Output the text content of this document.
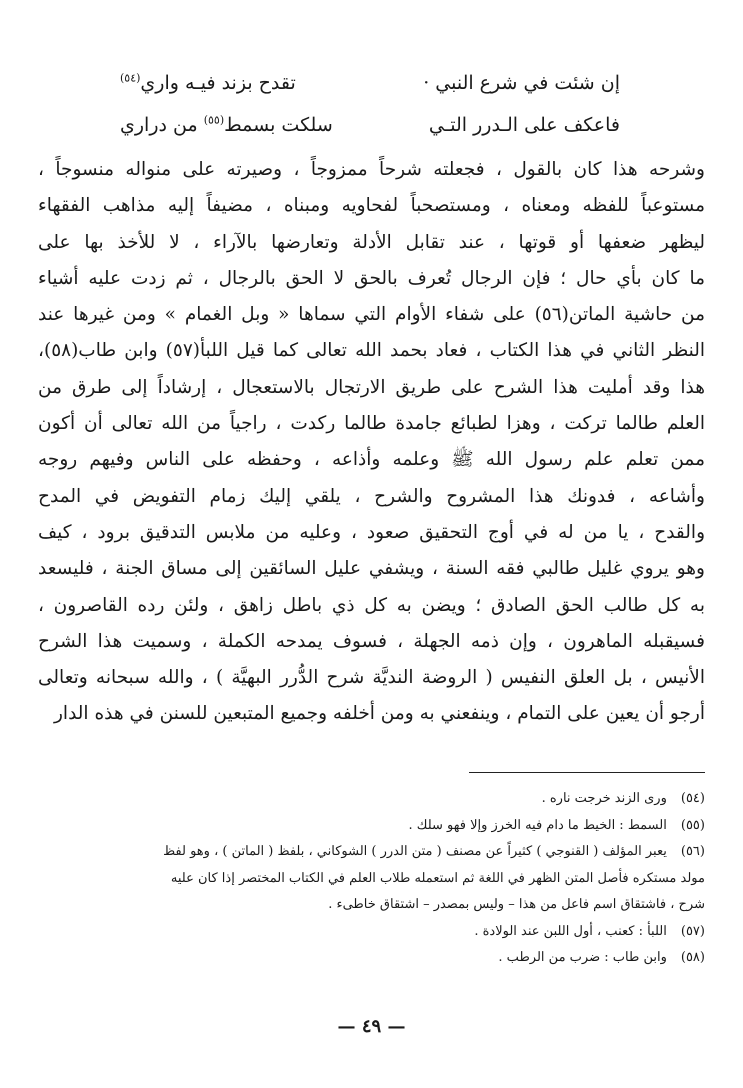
إن شئت في شرع النبي ·
تقدح بزند فيـه واري$^{(٥٤)}$
فاعكف على الـدرر التـي
سلكت بسمط$^{(٥٥)}$ من دراري
وشرحه هذا كان بالقول ، فجعلته شرحاً ممزوجاً ، وصيرته على منواله منسوجاً ،
مستوعباً للفظه ومعناه ، ومستصحباً لفحاويه ومبناه ، مضيفاً إليه مذاهب الفقهاء
ليظهر ضعفها أو قوتها ، عند تقابل الأدلة وتعارضها بالآراء ، لا للأخذ بها على
ما كان بأي حال ؛ فإن الرجال تُعرف بالحق لا الحق بالرجال ، ثم زدت عليه أشياء
من حاشية الماتن(٥٦) على شفاء الأوام التي سماها « وبل الغمام » ومن غيرها عند
النظر الثاني في هذا الكتاب ، فعاد بحمد الله تعالى كما قيل اللبأ(٥٧) وابن طاب(٥٨)،
هذا وقد أمليت هذا الشرح على طريق الارتجال بالاستعجال ، إرشاداً إلى طرق من
العلم طالما تركت ، وهزا لطبائع جامدة طالما ركدت ، راجياً من الله تعالى أن أكون
ممن تعلم علم رسول الله ﷺ وعلمه وأذاعه ، وحفظه على الناس وفيهم روجه
وأشاعه ، فدونك هذا المشروح والشرح ، يلقي إليك زمام التفويض في المدح
والقدح ، يا من له في أوج التحقيق صعود ، وعليه من ملابس التدقيق برود ، كيف
وهو يروي غليل طالبي فقه السنة ، ويشفي عليل السائقين إلى مساق الجنة ، فليسعد
به كل طالب الحق الصادق ؛ ويضن به كل ذي باطل زاهق ، ولئن رده القاصرون ،
فسيقبله الماهرون ، وإن ذمه الجهلة ، فسوف يمدحه الكملة ، وسميت هذا الشرح
الأنيس ، بل العلق النفيس ( الروضة النديَّة شرح الدُّرر البهيَّة ) ، والله سبحانه وتعالى
أرجو أن يعين على التمام ، وينفعني به ومن أخلفه وجميع المتبعين للسنن في هذه الدار
(٥٤) ورى الزند خرجت ناره .
(٥٥) السمط : الخيط ما دام فيه الخرز وإلا فهو سلك .
(٥٦) يعبر المؤلف ( القنوجي ) كثيراً عن مصنف ( متن الدرر ) الشوكاني ، بلفظ ( الماتن ) ، وهو لفظ
مولد مستكره فأصل المتن الظهر في اللغة ثم استعمله طلاب العلم في الكتاب المختصر إذا كان عليه
شرح ، فاشتقاق اسم فاعل من هذا – وليس بمصدر – اشتقاق خاطىء .
(٥٧) اللبأ : كعنب ، أول اللبن عند الولادة .
(٥٨) وابن طاب : ضرب من الرطب .
— ٤٩ —
